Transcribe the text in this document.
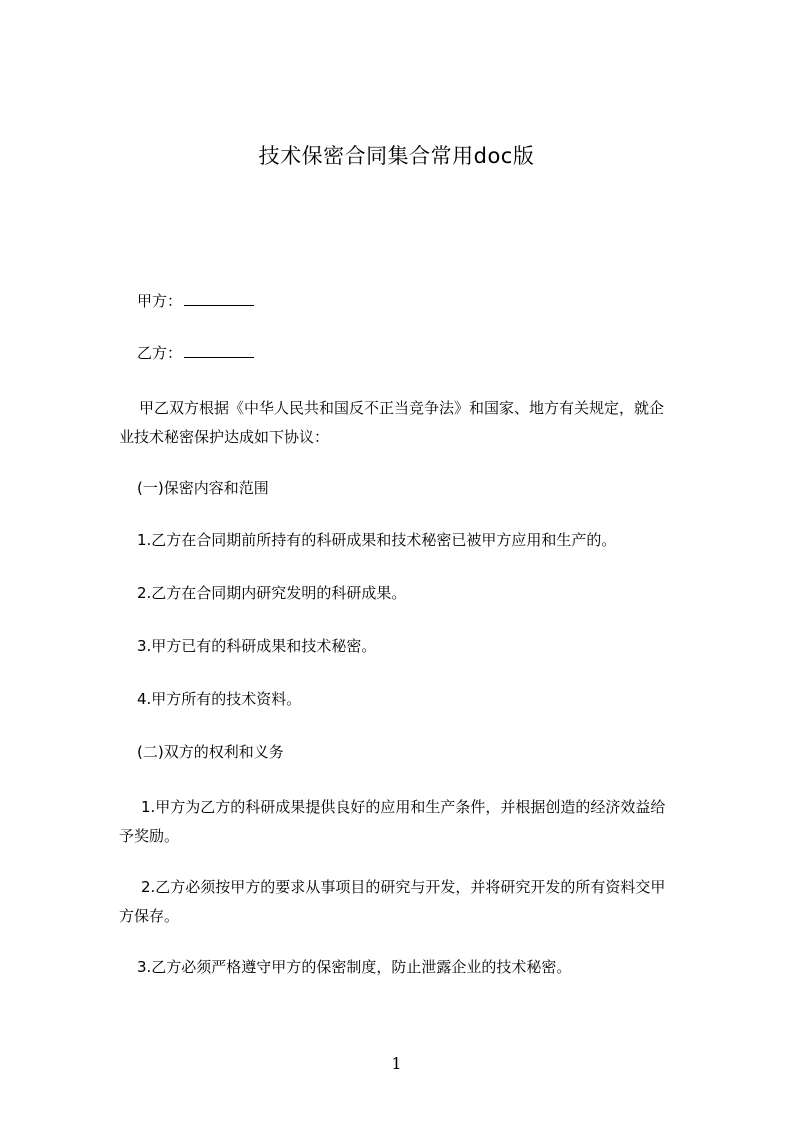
技术保密合同集合常用doc版
甲方：
乙方：
甲乙双方根据《中华人民共和国反不正当竞争法》和国家、地方有关规定，就企
业技术秘密保护达成如下协议：
(一)保密内容和范围
1.乙方在合同期前所持有的科研成果和技术秘密已被甲方应用和生产的。
2.乙方在合同期内研究发明的科研成果。
3.甲方已有的科研成果和技术秘密。
4.甲方所有的技术资料。
(二)双方的权利和义务
1.甲方为乙方的科研成果提供良好的应用和生产条件，并根据创造的经济效益给
予奖励。
2.乙方必须按甲方的要求从事项目的研究与开发，并将研究开发的所有资料交甲
方保存。
3.乙方必须严格遵守甲方的保密制度，防止泄露企业的技术秘密。
1
